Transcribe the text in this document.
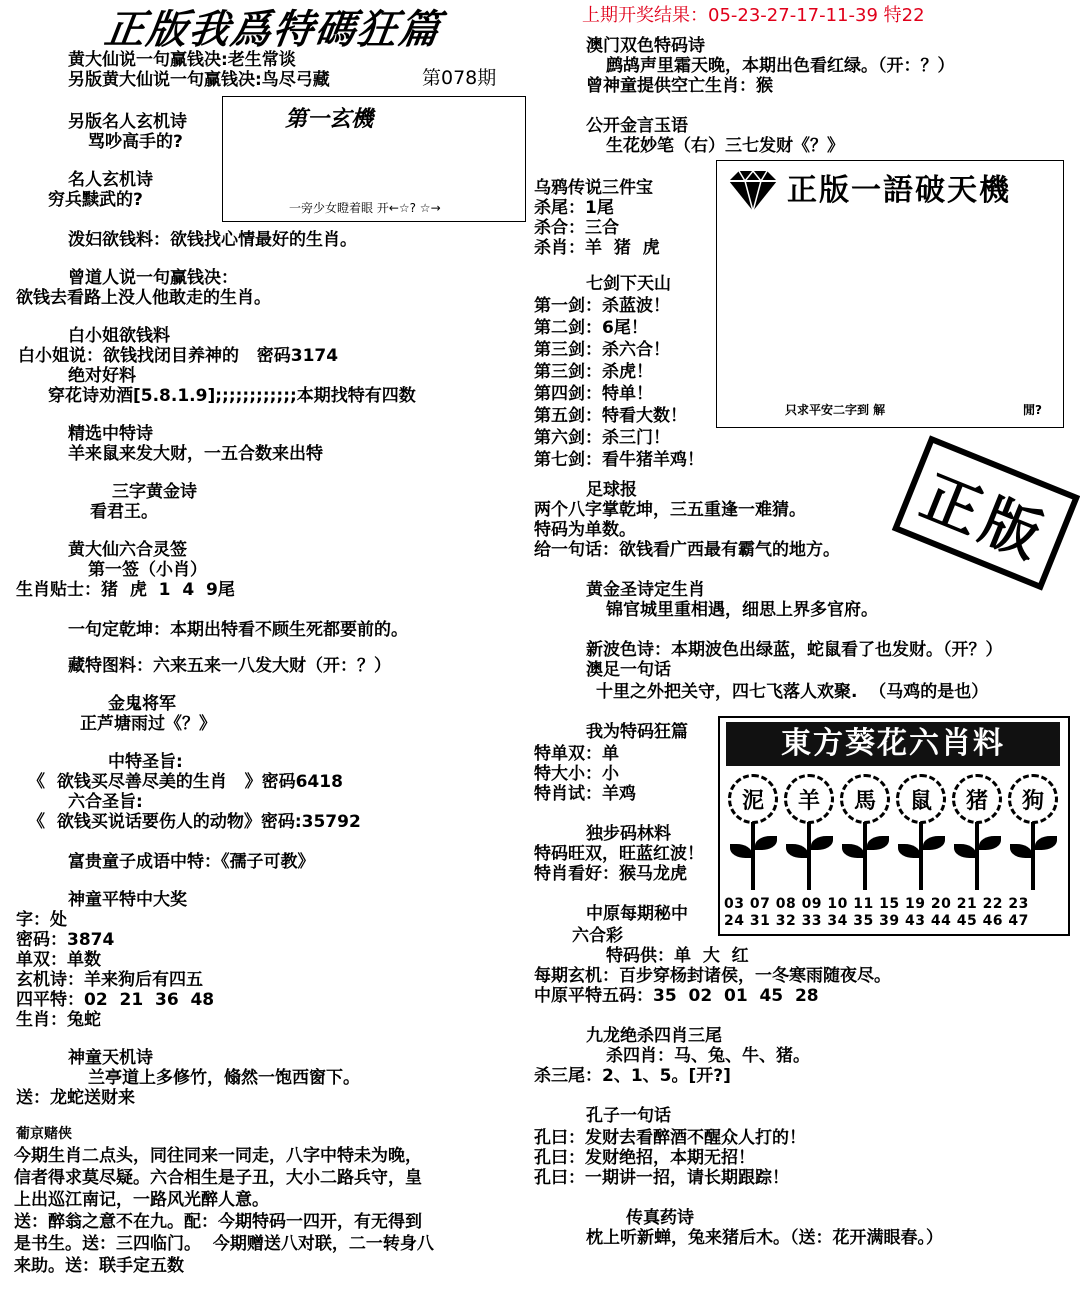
正版我爲特碼狂篇
第078期
上期开奖结果：05-23-27-17-11-39 特22
黄大仙说一句赢钱决:老生常谈
另版黄大仙说一句赢钱决:鸟尽弓藏
另版名人玄机诗
骂吵高手的?
名人玄机诗
穷兵黩武的?
第一玄機
一旁少女瞪着眼 开←☆? ☆→
泼妇欲钱料：欲钱找心情最好的生肖。
曾道人说一句赢钱决：
欲钱去看路上没人他敢走的生肖。
白小姐欲钱料
白小姐说：欲钱找闭目养神的   密码3174
绝对好料
穿花诗劝酒[5.8.1.9];;;;;;;;;;;;本期找特有四数
精选中特诗
羊来鼠来发大财，一五合数来出特
三字黄金诗
看君王。
黄大仙六合灵签
第一签（小肖）
生肖贴士：猪  虎  1  4  9尾
一句定乾坤：本期出特看不顾生死都要前的。
藏特图料：六来五来一八发大财（开：？）
金鬼将军
正芦塘雨过《？》
中特圣旨:
《  欲钱买尽善尽美的生肖   》密码6418
六合圣旨:
《  欲钱买说话要伤人的动物》密码:35792
富贵童子成语中特：《孺子可教》
神童平特中大奖
字：处
密码：3874
单双：单数
玄机诗：羊来狗后有四五
四平特：02  21  36  48
生肖：兔蛇
神童天机诗
兰亭道上多修竹，翛然一饱西窗下。
送：龙蛇送财来
葡京赌侠
今期生肖二点头，同往同来一同走，八字中特未为晚，
信者得求莫尽疑。六合相生是子丑，大小二路兵守，皇
上出巡江南记，一路风光醉人意。
送：醉翁之意不在九。配：今期特码一四开，有无得到
是书生。送：三四临门。  今期赠送八对联，二一转身八
来助。送：联手定五数
澳门双色特码诗
鹧鸪声里霜天晚，本期出色看红绿。（开：？）
曾神童提供空亡生肖：猴
公开金言玉语
生花妙笔（右）三七发财《？》
乌鸦传说三件宝
杀尾：1尾
杀合：三合
杀肖：羊  猪  虎
七剑下天山
第一剑：杀蓝波！
第二剑：6尾！
第三剑：杀六合！
第三剑：杀虎！
第四剑：特单！
第五剑：特看大数！
第六剑：杀三门！
第七剑：看牛猪羊鸡！
正版一語破天機
只求平安二字到 解	閒?
正版
足球报
两个八字掌乾坤，三五重逢一难猜。
特码为单数。
给一句话：欲钱看广西最有霸气的地方。
黄金圣诗定生肖
锦官城里重相遇，细思上界多官府。
新波色诗：本期波色出绿蓝，蛇鼠看了也发财。（开？）
澳足一句话
十里之外把关守，四七飞落人欢聚.  （马鸡的是也）
我为特码狂篇
特单双：单
特大小：小
特肖试：羊鸡
独步码林料
特码旺双，旺蓝红波！
特肖看好：猴马龙虎
中原每期秘中
六合彩
特码供：单  大  红
每期玄机：百步穿杨封诸侯，一冬寒雨随夜尽。
中原平特五码：35  02  01  45  28
九龙绝杀四肖三尾
杀四肖：马、兔、牛、猪。
杀三尾：2、1、5。[开?]
孔子一句话
孔曰：发财去看醉酒不醒众人打的！
孔曰：发财绝招，本期无招！
孔曰：一期讲一招，请长期跟踪！
传真药诗
枕上听新蝉，兔来猪后木。（送：花开满眼春。）
東方葵花六肖料
泥	羊	馬	鼠	猪	狗
03 07 08 09 10 11 15 19 20 21 22 23
24 31 32 33 34 35 39 43 44 45 46 47
